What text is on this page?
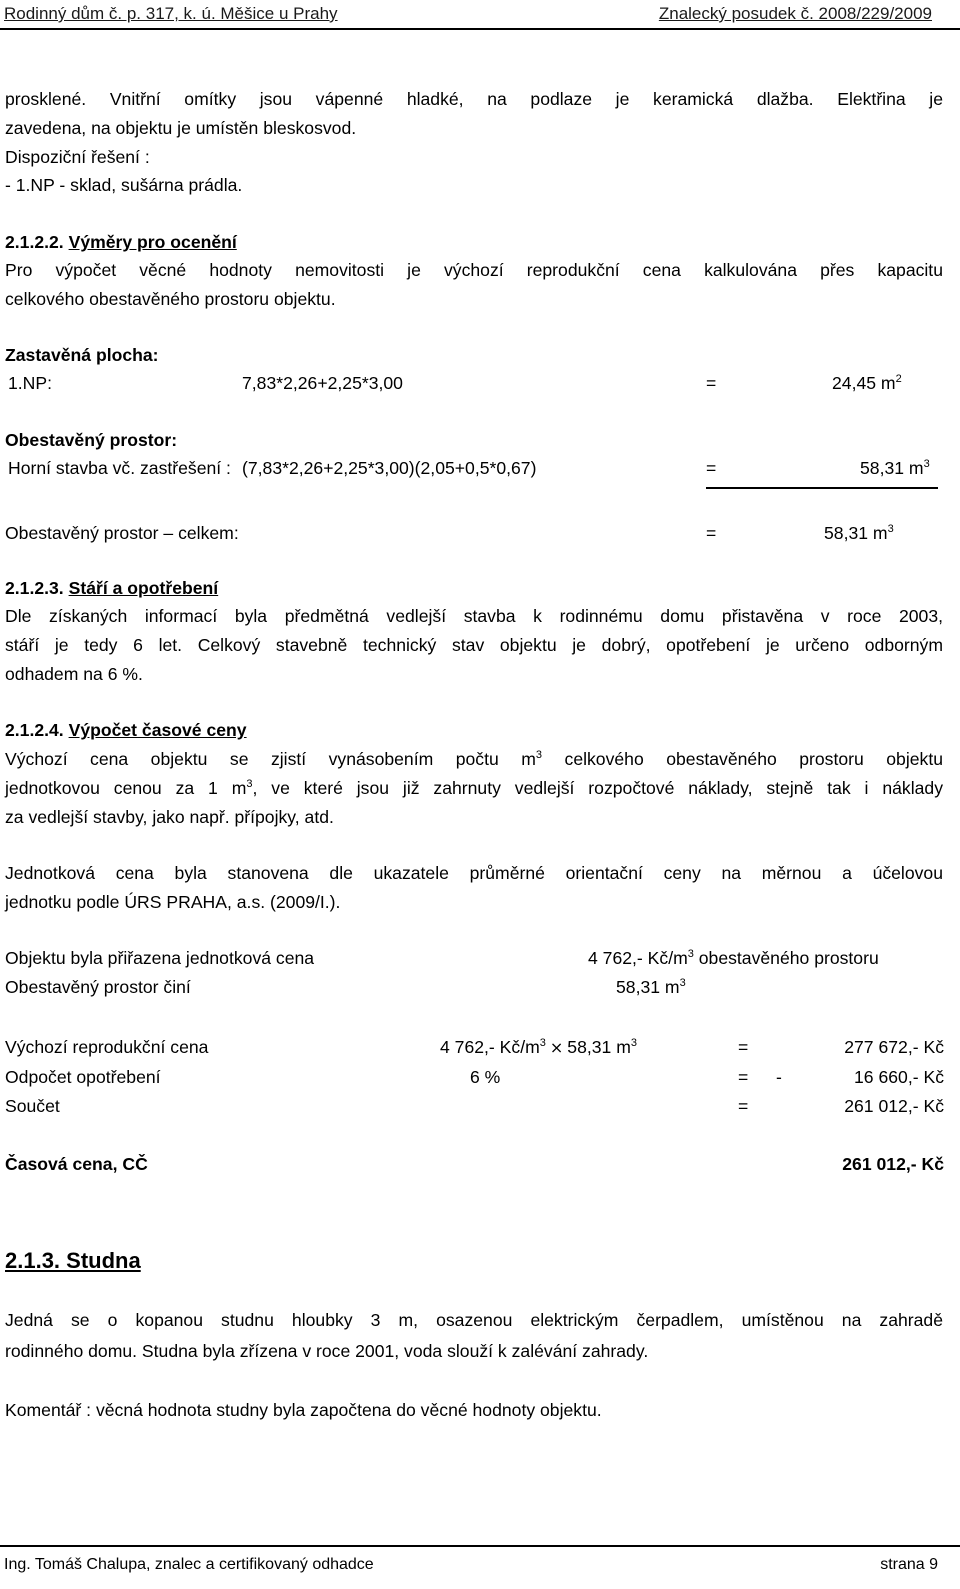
Rodinný dům č. p. 317, k. ú. Měšice u Prahy	Znalecký posudek č. 2008/229/2009
prosklené. Vnitřní omítky jsou vápenné hladké, na podlaze je keramická dlažba. Elektřina je
zavedena, na objektu je umístěn bleskosvod.
Dispoziční řešení :
- 1.NP - sklad, sušárna prádla.
2.1.2.2. Výměry pro ocenění
Pro výpočet věcné hodnoty nemovitosti je výchozí reprodukční cena kalkulována přes kapacitu
celkového obestavěného prostoru objektu.
Zastavěná plocha:
1.NP:	7,83*2,26+2,25*3,00	=	24,45 $m^2$
Obestavěný prostor:
Horní stavba vč. zastřešení : (7,83*2,26+2,25*3,00)(2,05+0,5*0,67)	=	58,31 $m^3$
Obestavěný prostor – celkem:	=	58,31 $m^3$
2.1.2.3. Stáří a opotřebení
Dle získaných informací byla předmětná vedlejší stavba k rodinnému domu přistavěna v roce 2003,
stáří je tedy 6 let. Celkový stavebně technický stav objektu je dobrý, opotřebení je určeno odborným
odhadem na 6 %.
2.1.2.4. Výpočet časové ceny
Výchozí cena objektu se zjistí vynásobením počtu $m^3$ celkového obestavěného prostoru objektu
jednotkovou cenou za 1 $m^3$, ve které jsou již zahrnuty vedlejší rozpočtové náklady, stejně tak i náklady
za vedlejší stavby, jako např. přípojky, atd.
Jednotková cena byla stanovena dle ukazatele průměrné orientační ceny na měrnou a účelovou
jednotku podle ÚRS PRAHA, a.s. (2009/I.).
Objektu byla přiřazena jednotková cena	4 762,- $Kč/m^3$ obestavěného prostoru
Obestavěný prostor činí	58,31 $m^3$
Výchozí reprodukční cena	4 762,- $Kč/m^3 \times 58,31$ $m^3$	=	277 672,- Kč
Odpočet opotřebení	6 %	= -	16 660,- Kč
Součet	=	261 012,- Kč
Časová cena, CČ	261 012,- Kč
2.1.3. Studna
Jedná se o kopanou studnu hloubky 3 m, osazenou elektrickým čerpadlem, umístěnou na zahradě
rodinného domu. Studna byla zřízena v roce 2001, voda slouží k zalévání zahrady.
Komentář : věcná hodnota studny byla započtena do věcné hodnoty objektu.
Ing. Tomáš Chalupa, znalec a certifikovaný odhadce	strana 9
